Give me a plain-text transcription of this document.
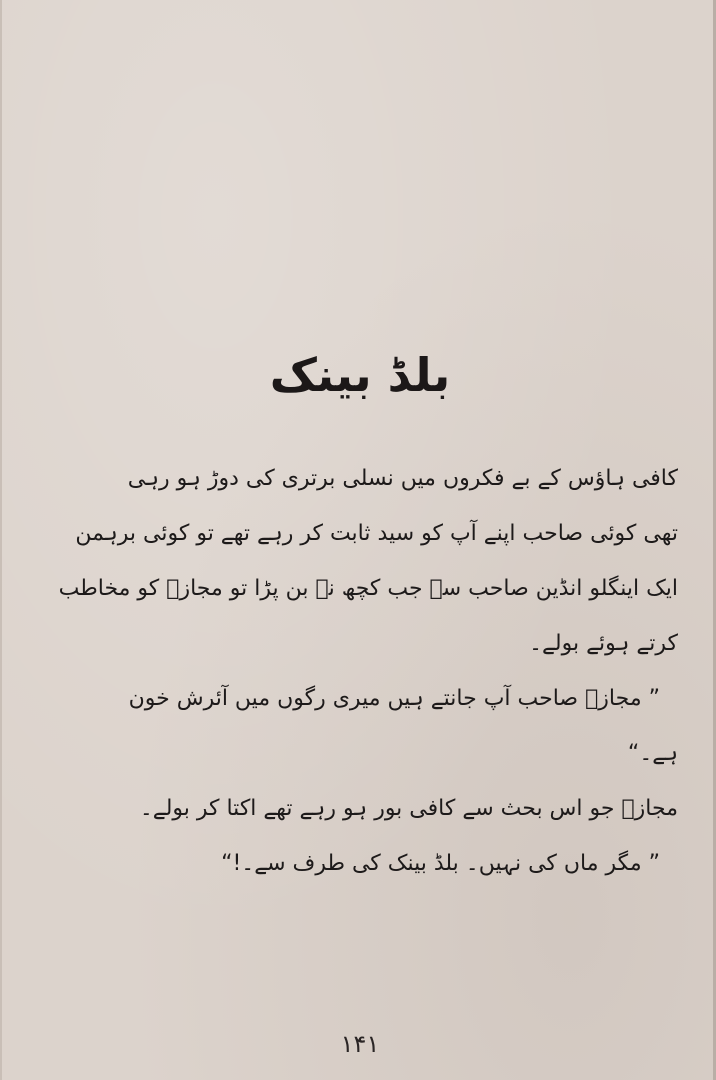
بلڈ بینک
کافی ہاؤس کے بے فکروں میں نسلی برتری کی دوڑ ہو رہی
تھی کوئی صاحب اپنے آپ کو سید ثابت کر رہے تھے تو کوئی برہمن
ایک اینگلو انڈین صاحب سے جب کچھ نہ بن پڑا تو مجازؔ کو مخاطب
کرتے ہوئے بولے۔
” مجازؔ صاحب آپ جانتے ہیں میری رگوں میں آئرش خون
ہے۔“
مجازؔ جو اس بحث سے کافی بور ہو رہے تھے اکتا کر بولے۔
” مگر ماں کی نہیں۔ بلڈ بینک کی طرف سے۔!“
۱۴۱
